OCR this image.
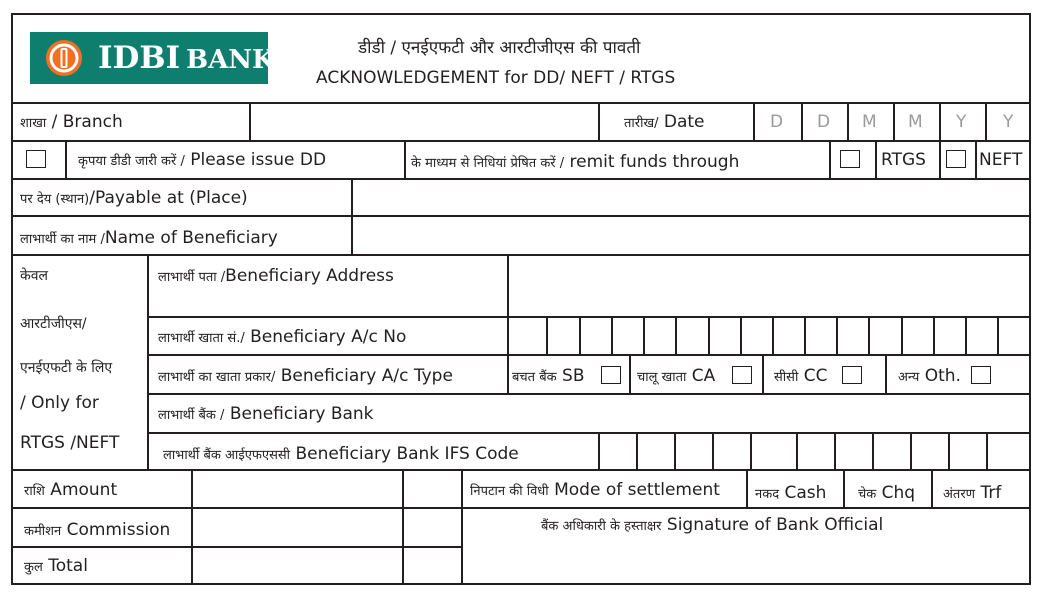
IDBI BANK	डीडी / एनईएफटी और आरटीजीएस की पावती
ACKNOWLEDGEMENT for DD/ NEFT / RTGS
शाखा / Branch	तारीख/ Date	D D M M Y Y
कृपया डीडी जारी करें / Please issue DD	के माध्यम से निधियां प्रेषित करें / remit funds through	RTGS	NEFT
पर देय (स्थान)/Payable at (Place)
लाभार्थी का नाम /Name of Beneficiary
केवल
आरटीजीएस/
एनईएफटी के लिए
/ Only for
RTGS /NEFT
लाभार्थी पता /Beneficiary Address
लाभार्थी खाता सं./ Beneficiary A/c No
लाभार्थी का खाता प्रकार/ Beneficiary A/c Type	बचत बैंक SB	चालू खाता CA	सीसी CC	अन्य Oth.
लाभार्थी बैंक / Beneficiary Bank
लाभार्थी बैंक आईएफएससी Beneficiary Bank IFS Code
राशि Amount	निपटान की विधी Mode of settlement	नकद Cash चेक Chq अंतरण Trf
कमीशन Commission	बैंक अधिकारी के हस्ताक्षर Signature of Bank Official
कुल Total
